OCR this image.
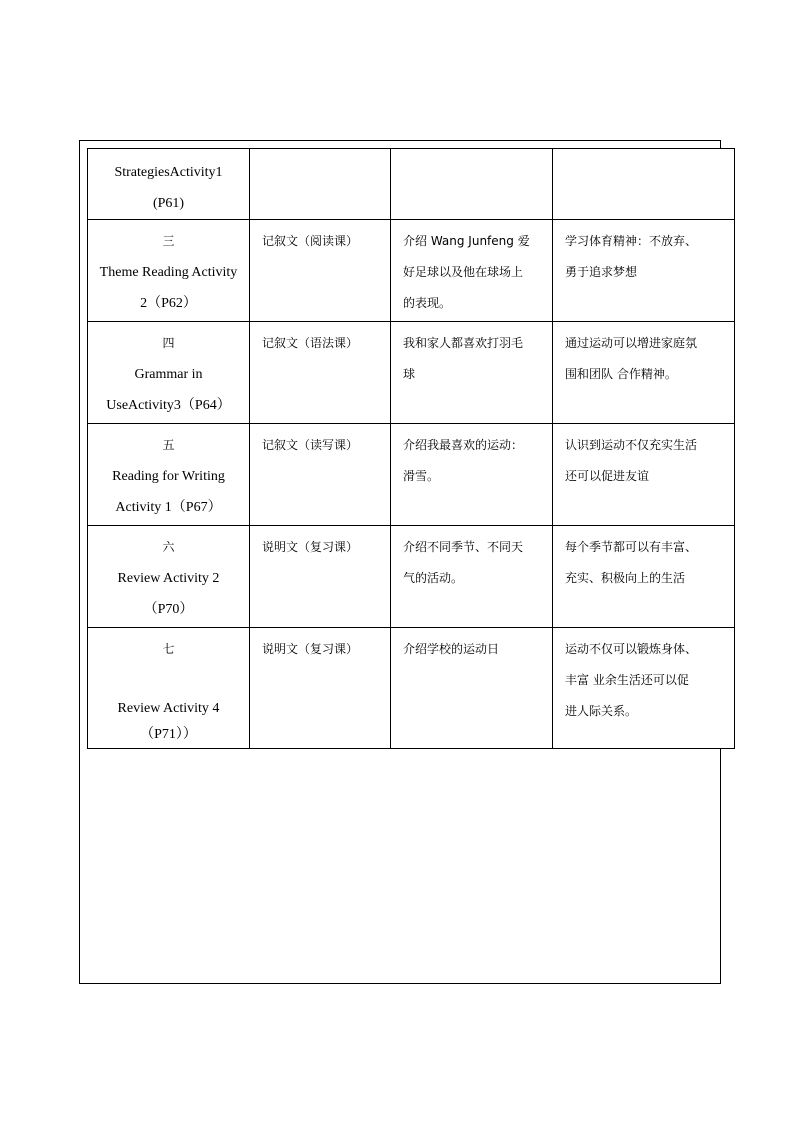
StrategiesActivity1
(P61)			

三
Theme Reading Activity
2（P62）	记叙文（阅读课）	介绍 Wang Junfeng 爱
好足球以及他在球场上
的表现。	学习体育精神：不放弃、
勇于追求梦想

四
Grammar in
UseActivity3（P64）	记叙文（语法课）	我和家人都喜欢打羽毛
球	通过运动可以增进家庭氛
围和团队 合作精神。

五
Reading for Writing
Activity 1（P67）	记叙文（读写课）	介绍我最喜欢的运动：
滑雪。	认识到运动不仅充实生活
还可以促进友谊

六
Review Activity 2
（P70）	说明文（复习课）	介绍不同季节、不同天
气的活动。	每个季节都可以有丰富、
充实、积极向上的生活

七
Review Activity 4
（P71））	说明文（复习课）	介绍学校的运动日	运动不仅可以锻炼身体、
丰富 业余生活还可以促
进人际关系。
